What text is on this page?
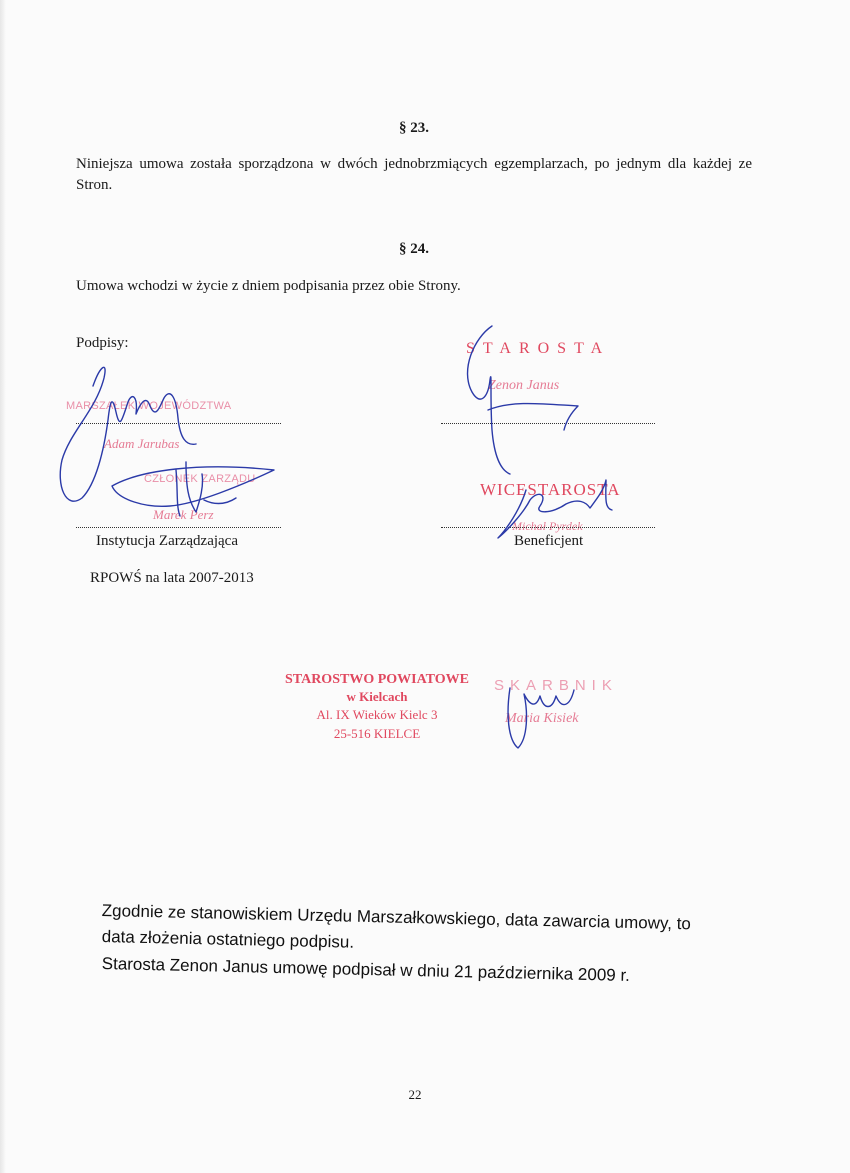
§ 23.
Niniejsza umowa została sporządzona w dwóch jednobrzmiących egzemplarzach, po jednym dla każdej ze Stron.
§ 24.
Umowa wchodzi w życie z dniem podpisania przez obie Strony.
Podpisy:
MARSZAŁEK WOJEWÓDZTWA
Adam Jarubas
CZŁONEK ZARZĄDU
Marek Perz
Instytucja Zarządzająca
RPOWŚ na lata 2007-2013
STAROSTA
Zenon Janus
WICESTAROSTA
Michał Pyrdek
Beneficjent
STAROSTWO POWIATOWE
w Kielcach
Al. IX Wieków Kielc 3
25-516 KIELCE
SKARBNIK
Maria Kisiek
Zgodnie ze stanowiskiem Urzędu Marszałkowskiego, data zawarcia umowy, to
data złożenia ostatniego podpisu.
Starosta Zenon Janus umowę podpisał w dniu 21 października 2009 r.
22
